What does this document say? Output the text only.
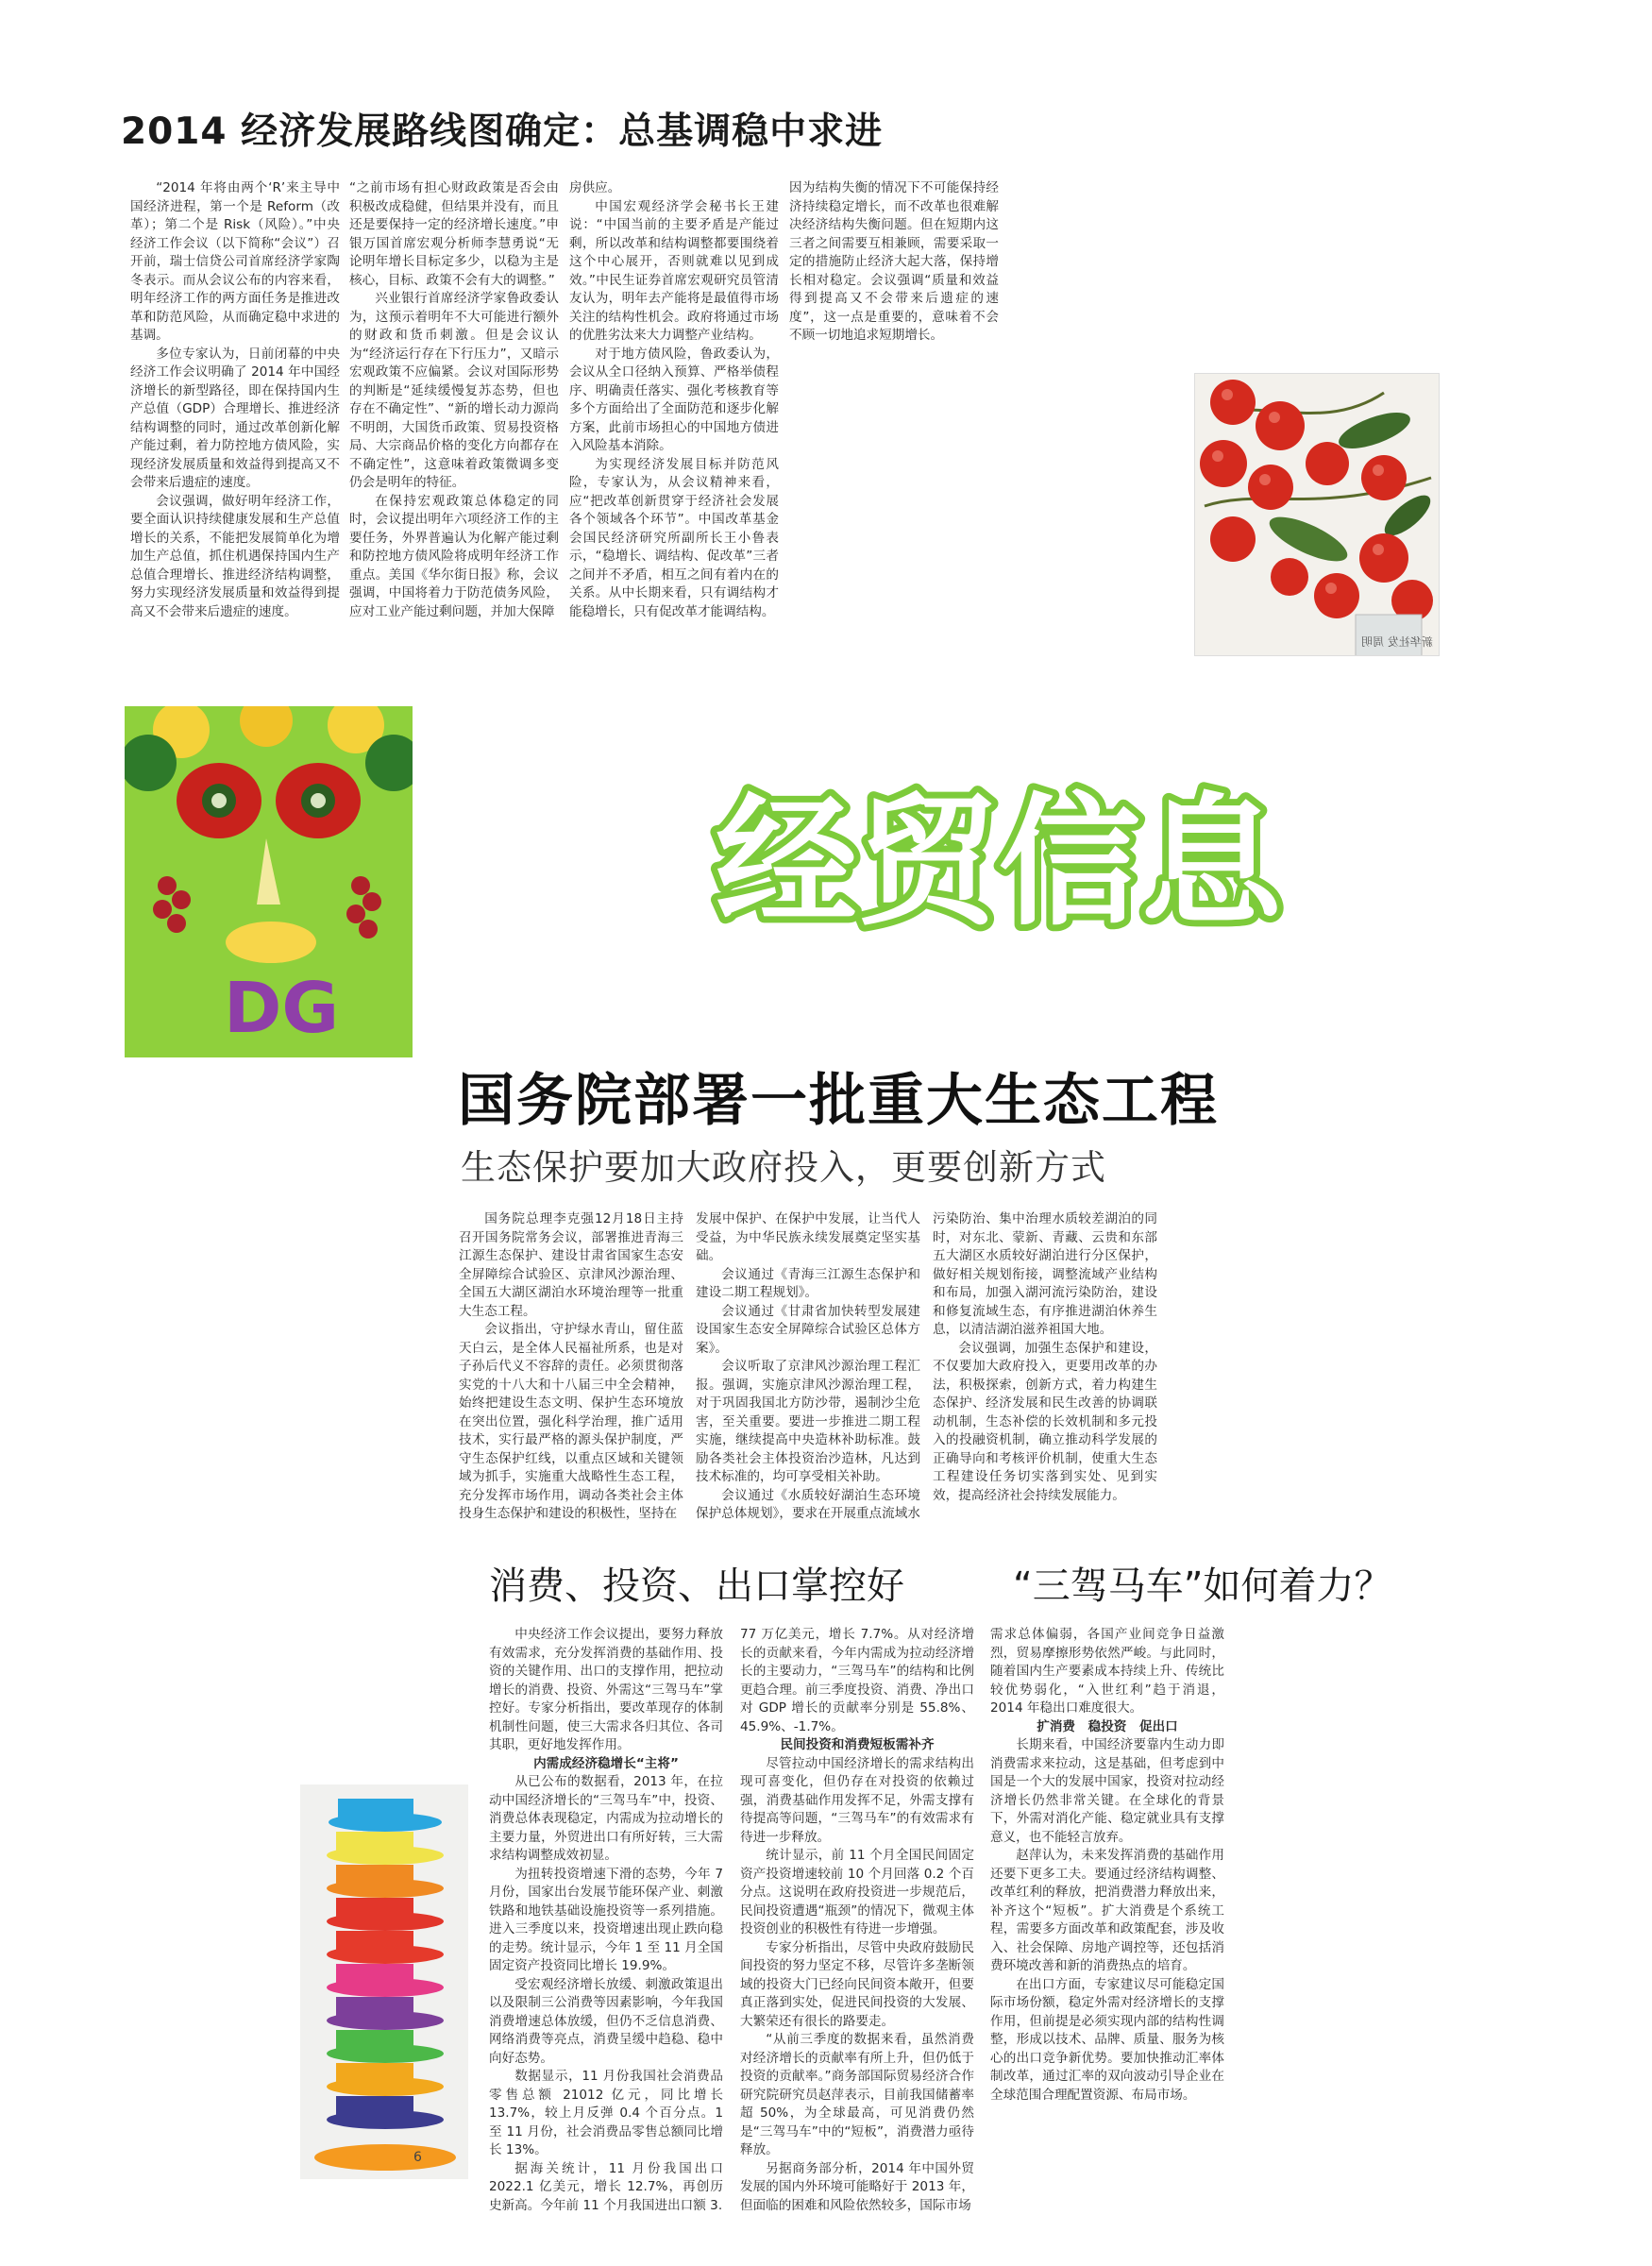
2014 经济发展路线图确定：总基调稳中求进

“2014 年将由两个‘R’来主导中国经济进程，第一个是 Reform（改革）；第二个是 Risk（风险）。”中央经济工作会议（以下简称“会议”）召开前，瑞士信贷公司首席经济学家陶冬表示。而从会议公布的内容来看，明年经济工作的两方面任务是推进改革和防范风险，从而确定稳中求进的基调。

多位专家认为，日前闭幕的中央经济工作会议明确了 2014 年中国经济增长的新型路径，即在保持国内生产总值（GDP）合理增长、推进经济结构调整的同时，通过改革创新化解产能过剩，着力防控地方债风险，实现经济发展质量和效益得到提高又不会带来后遗症的速度。

会议强调，做好明年经济工作，要全面认识持续健康发展和生产总值增长的关系，不能把发展简单化为增加生产总值，抓住机遇保持国内生产总值合理增长、推进经济结构调整，努力实现经济发展质量和效益得到提高又不会带来后遗症的速度。

因为结构失衡的情况下不可能保持经济持续稳定增长，而不改革也很难解决经济结构失衡问题。但在短期内这三者之间需要互相兼顾，需要采取一定的措施防止经济大起大落，保持增长相对稳定。会议强调“质量和效益得到提高又不会带来后遗症的速度”，这一点是重要的，意味着不会不顾一切地追求短期增长。

房供应。

中国宏观经济学会秘书长王建说：“中国当前的主要矛盾是产能过剩，所以改革和结构调整都要围绕着这个中心展开，否则就难以见到成效。”中民生证券首席宏观研究员管清友认为，明年去产能将是最值得市场关注的结构性机会。政府将通过市场的优胜劣汰来大力调整产业结构。

对于地方债风险，鲁政委认为，会议从全口径纳入预算、严格举债程序、明确责任落实、强化考核教育等多个方面给出了全面防范和逐步化解方案，此前市场担心的中国地方债进入风险基本消除。

为实现经济发展目标并防范风险，专家认为，从会议精神来看，应“把改革创新贯穿于经济社会发展各个领域各个环节”。中国改革基金会国民经济研究所副所长王小鲁表示，“稳增长、调结构、促改革”三者之间并不矛盾，相互之间有着内在的关系。从中长期来看，只有调结构才能稳增长，只有促改革才能调结构。

“之前市场有担心财政政策是否会由积极改成稳健，但结果并没有，而且还是要保持一定的经济增长速度。”申银万国首席宏观分析师李慧勇说“无论明年增长目标定多少，以稳为主是核心，目标、政策不会有大的调整。”

兴业银行首席经济学家鲁政委认为，这预示着明年不大可能进行额外的财政和货币刺激。但是会议认为“经济运行存在下行压力”，又暗示宏观政策不应偏紧。会议对国际形势的判断是“延续缓慢复苏态势，但也存在不确定性”、“新的增长动力源尚不明朗，大国货币政策、贸易投资格局、大宗商品价格的变化方向都存在不确定性”，这意味着政策微调多变仍会是明年的特征。

在保持宏观政策总体稳定的同时，会议提出明年六项经济工作的主要任务，外界普遍认为化解产能过剩和防控地方债风险将成明年经济工作重点。美国《华尔街日报》称，会议强调，中国将着力于防范债务风险，应对工业产能过剩问题，并加大保障

新华社发 周明
DG
经贸信息
国务院部署一批重大生态工程
生态保护要加大政府投入，更要创新方式

国务院总理李克强12月18日主持召开国务院常务会议，部署推进青海三江源生态保护、建设甘肃省国家生态安全屏障综合试验区、京津风沙源治理、全国五大湖区湖泊水环境治理等一批重大生态工程。

会议指出，守护绿水青山，留住蓝天白云，是全体人民福祉所系，也是对子孙后代义不容辞的责任。必须贯彻落实党的十八大和十八届三中全会精神，始终把建设生态文明、保护生态环境放在突出位置，强化科学治理，推广适用技术，实行最严格的源头保护制度，严守生态保护红线，以重点区域和关键领域为抓手，实施重大战略性生态工程，充分发挥市场作用，调动各类社会主体投身生态保护和建设的积极性，坚持在

污染防治、集中治理水质较差湖泊的同时，对东北、蒙新、青藏、云贵和东部五大湖区水质较好湖泊进行分区保护，做好相关规划衔接，调整流域产业结构和布局，加强入湖河流污染防治，建设和修复流域生态，有序推进湖泊休养生息，以清洁湖泊滋养祖国大地。

会议强调，加强生态保护和建设，不仅要加大政府投入，更要用改革的办法，积极探索，创新方式，着力构建生态保护、经济发展和民生改善的协调联动机制，生态补偿的长效机制和多元投入的投融资机制，确立推动科学发展的正确导向和考核评价机制，使重大生态工程建设任务切实落到实处、见到实效，提高经济社会持续发展能力。

发展中保护、在保护中发展，让当代人受益，为中华民族永续发展奠定坚实基础。

会议通过《青海三江源生态保护和建设二期工程规划》。

会议通过《甘肃省加快转型发展建设国家生态安全屏障综合试验区总体方案》。

会议听取了京津风沙源治理工程汇报。强调，实施京津风沙源治理工程，对于巩固我国北方防沙带，遏制沙尘危害，至关重要。要进一步推进二期工程实施，继续提高中央造林补助标准。鼓励各类社会主体投资治沙造林，凡达到技术标准的，均可享受相关补助。

会议通过《水质较好湖泊生态环境保护总体规划》，要求在开展重点流域水

消费、投资、出口掌控好	“三驾马车”如何着力？

中央经济工作会议提出，要努力释放有效需求，充分发挥消费的基础作用、投资的关键作用、出口的支撑作用，把拉动增长的消费、投资、外需这“三驾马车”掌控好。专家分析指出，要改革现存的体制机制性问题，使三大需求各归其位、各司其职，更好地发挥作用。

内需成经济稳增长“主将”

从已公布的数据看，2013 年，在拉动中国经济增长的“三驾马车”中，投资、消费总体表现稳定，内需成为拉动增长的主要力量，外贸进出口有所好转，三大需求结构调整成效初显。

为扭转投资增速下滑的态势，今年 7 月份，国家出台发展节能环保产业、刺激铁路和地铁基础设施投资等一系列措施。进入三季度以来，投资增速出现止跌向稳的走势。统计显示，今年 1 至 11 月全国固定资产投资同比增长 19.9%。

受宏观经济增长放缓、刺激政策退出以及限制三公消费等因素影响，今年我国消费增速总体放缓，但仍不乏信息消费、网络消费等亮点，消费呈缓中趋稳、稳中向好态势。

数据显示，11 月份我国社会消费品零售总额 21012 亿元，同比增长 13.7%，较上月反弹 0.4 个百分点。1 至 11 月份，社会消费品零售总额同比增长 13%。

据海关统计，11 月份我国出口 2022.1 亿美元，增长 12.7%，再创历史新高。今年前 11 个月我国进出口额 3.

需求总体偏弱，各国产业间竞争日益激烈，贸易摩擦形势依然严峻。与此同时，随着国内生产要素成本持续上升、传统比较优势弱化，“入世红利”趋于消退，2014 年稳出口难度很大。

扩消费　稳投资　促出口

长期来看，中国经济要靠内生动力即消费需求来拉动，这是基础，但考虑到中国是一个大的发展中国家，投资对拉动经济增长仍然非常关键。在全球化的背景下，外需对消化产能、稳定就业具有支撑意义，也不能轻言放弃。

赵萍认为，未来发挥消费的基础作用还要下更多工夫。要通过经济结构调整、改革红利的释放，把消费潜力释放出来，补齐这个“短板”。扩大消费是个系统工程，需要多方面改革和政策配套，涉及收入、社会保障、房地产调控等，还包括消费环境改善和新的消费热点的培育。

在出口方面，专家建议尽可能稳定国际市场份额，稳定外需对经济增长的支撑作用，但前提是必须实现内部的结构性调整，形成以技术、品牌、质量、服务为核心的出口竞争新优势。要加快推动汇率体制改革，通过汇率的双向波动引导企业在全球范围合理配置资源、布局市场。

77 万亿美元，增长 7.7%。从对经济增长的贡献来看，今年内需成为拉动经济增长的主要动力，“三驾马车”的结构和比例更趋合理。前三季度投资、消费、净出口对 GDP 增长的贡献率分别是 55.8%、45.9%、-1.7%。

民间投资和消费短板需补齐

尽管拉动中国经济增长的需求结构出现可喜变化，但仍存在对投资的依赖过强，消费基础作用发挥不足，外需支撑有待提高等问题，“三驾马车”的有效需求有待进一步释放。

统计显示，前 11 个月全国民间固定资产投资增速较前 10 个月回落 0.2 个百分点。这说明在政府投资进一步规范后，民间投资遭遇“瓶颈”的情况下，微观主体投资创业的积极性有待进一步增强。

专家分析指出，尽管中央政府鼓励民间投资的努力坚定不移，尽管许多垄断领域的投资大门已经向民间资本敞开，但要真正落到实处，促进民间投资的大发展、大繁荣还有很长的路要走。

“从前三季度的数据来看，虽然消费对经济增长的贡献率有所上升，但仍低于投资的贡献率。”商务部国际贸易经济合作研究院研究员赵萍表示，目前我国储蓄率超 50%，为全球最高，可见消费仍然是“三驾马车”中的“短板”，消费潜力亟待释放。

另据商务部分析，2014 年中国外贸发展的国内外环境可能略好于 2013 年，但面临的困难和风险依然较多，国际市场

6
